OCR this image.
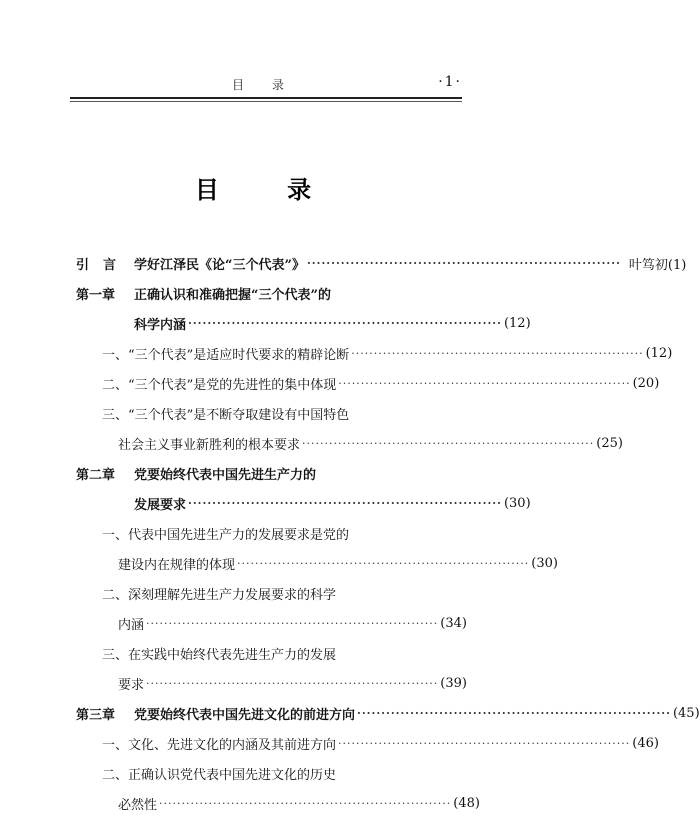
目录	·1·
目 录
引言 学好江泽民《论“三个代表”》 ································································· 叶笃初(1)
第一章 正确认识和准确把握“三个代表”的
科学内涵 ································································· (12)
一、“三个代表”是适应时代要求的精辟论断 ································································· (12)
二、“三个代表”是党的先进性的集中体现 ································································· (20)
三、“三个代表”是不断夺取建设有中国特色
社会主义事业新胜利的根本要求 ································································· (25)
第二章 党要始终代表中国先进生产力的
发展要求 ································································· (30)
一、代表中国先进生产力的发展要求是党的
建设内在规律的体现 ································································· (30)
二、深刻理解先进生产力发展要求的科学
内涵 ································································· (34)
三、在实践中始终代表先进生产力的发展
要求 ································································· (39)
第三章 党要始终代表中国先进文化的前进方向 ································································· (45)
一、文化、先进文化的内涵及其前进方向 ································································· (46)
二、正确认识党代表中国先进文化的历史
必然性 ································································· (48)
